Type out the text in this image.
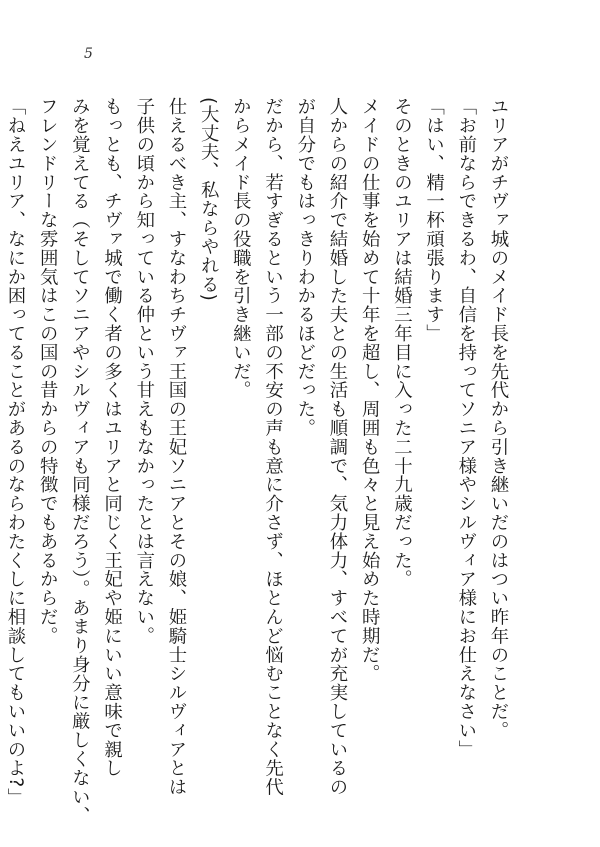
5
ユリアがチヴァ城のメイド長を先代から引き継いだのはつい昨年のことだ。
「お前ならできるわ、自信を持ってソニア様やシルヴィア様にお仕えなさい」
「はい、精一杯頑張ります」
そのときのユリアは結婚三年目に入った二十九歳だった。
メイドの仕事を始めて十年を超し、周囲も色々と見え始めた時期だ。
人からの紹介で結婚した夫との生活も順調で、気力体力、すべてが充実しているの
が自分でもはっきりわかるほどだった。
だから、若すぎるという一部の不安の声も意に介さず、ほとんど悩むことなく先代
からメイド長の役職を引き継いだ。
(大丈夫、私ならやれる)
仕えるべき主、すなわちチヴァ王国の王妃ソニアとその娘、姫騎士シルヴィアとは
子供の頃から知っている仲という甘えもなかったとは言えない。
もっとも、チヴァ城で働く者の多くはユリアと同じく王妃や姫にいい意味で親し
みを覚えてる（そしてソニアやシルヴィアも同様だろう）。あまり身分に厳しくない、
フレンドリーな雰囲気はこの国の昔からの特徴でもあるからだ。
「ねえユリア、なにか困ってることがあるのならわたくしに相談してもいいのよ?」
